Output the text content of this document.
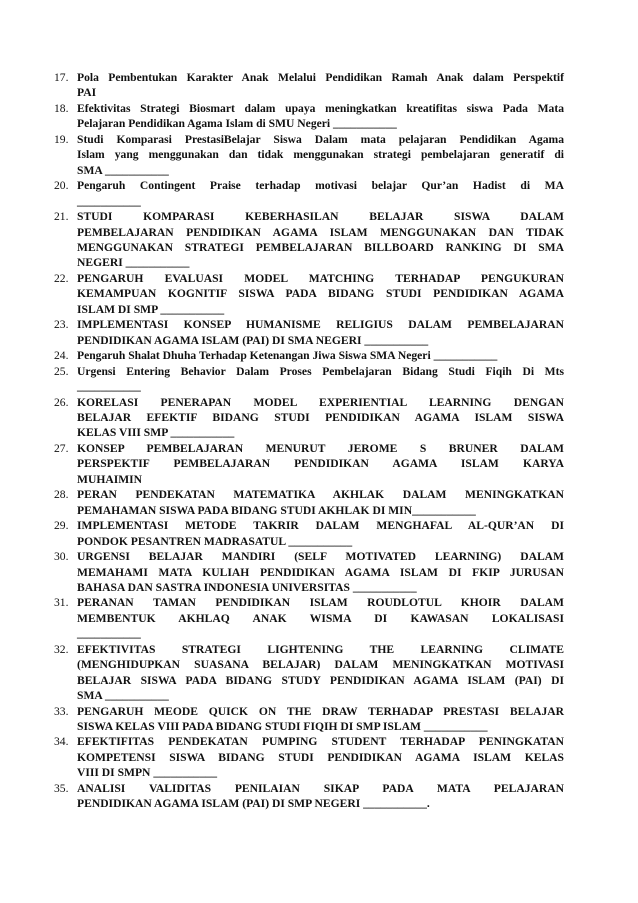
17. Pola Pembentukan Karakter Anak Melalui Pendidikan Ramah Anak dalam Perspektif
PAI
18. Efektivitas Strategi Biosmart dalam upaya meningkatkan kreatifitas siswa Pada Mata
Pelajaran Pendidikan Agama Islam di SMU Negeri ___________
19. Studi Komparasi PrestasiBelajar Siswa Dalam mata pelajaran Pendidikan Agama
Islam yang menggunakan dan tidak menggunakan strategi pembelajaran generatif di
SMA ___________
20. Pengaruh Contingent Praise terhadap motivasi belajar Qur’an Hadist di MA
___________
21. STUDI KOMPARASI KEBERHASILAN BELAJAR SISWA DALAM
PEMBELAJARAN PENDIDIKAN AGAMA ISLAM MENGGUNAKAN DAN TIDAK
MENGGUNAKAN STRATEGI PEMBELAJARAN BILLBOARD RANKING DI SMA
NEGERI ___________
22. PENGARUH EVALUASI MODEL MATCHING TERHADAP PENGUKURAN
KEMAMPUAN KOGNITIF SISWA PADA BIDANG STUDI PENDIDIKAN AGAMA
ISLAM DI SMP ___________
23. IMPLEMENTASI KONSEP HUMANISME RELIGIUS DALAM PEMBELAJARAN
PENDIDIKAN AGAMA ISLAM (PAI) DI SMA NEGERI ___________
24. Pengaruh Shalat Dhuha Terhadap Ketenangan Jiwa Siswa SMA Negeri ___________
25. Urgensi Entering Behavior Dalam Proses Pembelajaran Bidang Studi Fiqih Di Mts
___________
26. KORELASI PENERAPAN MODEL EXPERIENTIAL LEARNING DENGAN
BELAJAR EFEKTIF BIDANG STUDI PENDIDIKAN AGAMA ISLAM SISWA
KELAS VIII SMP ___________
27. KONSEP PEMBELAJARAN MENURUT JEROME S BRUNER DALAM
PERSPEKTIF PEMBELAJARAN PENDIDIKAN AGAMA ISLAM KARYA
MUHAIMIN
28. PERAN PENDEKATAN MATEMATIKA AKHLAK DALAM MENINGKATKAN
PEMAHAMAN SISWA PADA BIDANG STUDI AKHLAK DI MIN___________
29. IMPLEMENTASI METODE TAKRIR DALAM MENGHAFAL AL-QUR’AN DI
PONDOK PESANTREN MADRASATUL ___________
30. URGENSI BELAJAR MANDIRI (SELF MOTIVATED LEARNING) DALAM
MEMAHAMI MATA KULIAH PENDIDIKAN AGAMA ISLAM DI FKIP JURUSAN
BAHASA DAN SASTRA INDONESIA UNIVERSITAS ___________
31. PERANAN TAMAN PENDIDIKAN ISLAM ROUDLOTUL KHOIR DALAM
MEMBENTUK AKHLAQ ANAK WISMA DI KAWASAN LOKALISASI
___________
32. EFEKTIVITAS STRATEGI LIGHTENING THE LEARNING CLIMATE
(MENGHIDUPKAN SUASANA BELAJAR) DALAM MENINGKATKAN MOTIVASI
BELAJAR SISWA PADA BIDANG STUDY PENDIDIKAN AGAMA ISLAM (PAI) DI
SMA ___________
33. PENGARUH MEODE QUICK ON THE DRAW TERHADAP PRESTASI BELAJAR
SISWA KELAS VIII PADA BIDANG STUDI FIQIH DI SMP ISLAM ___________
34. EFEKTIFITAS PENDEKATAN PUMPING STUDENT TERHADAP PENINGKATAN
KOMPETENSI SISWA BIDANG STUDI PENDIDIKAN AGAMA ISLAM KELAS
VIII DI SMPN ___________
35. ANALISI VALIDITAS PENILAIAN SIKAP PADA MATA PELAJARAN
PENDIDIKAN AGAMA ISLAM (PAI) DI SMP NEGERI ___________.
